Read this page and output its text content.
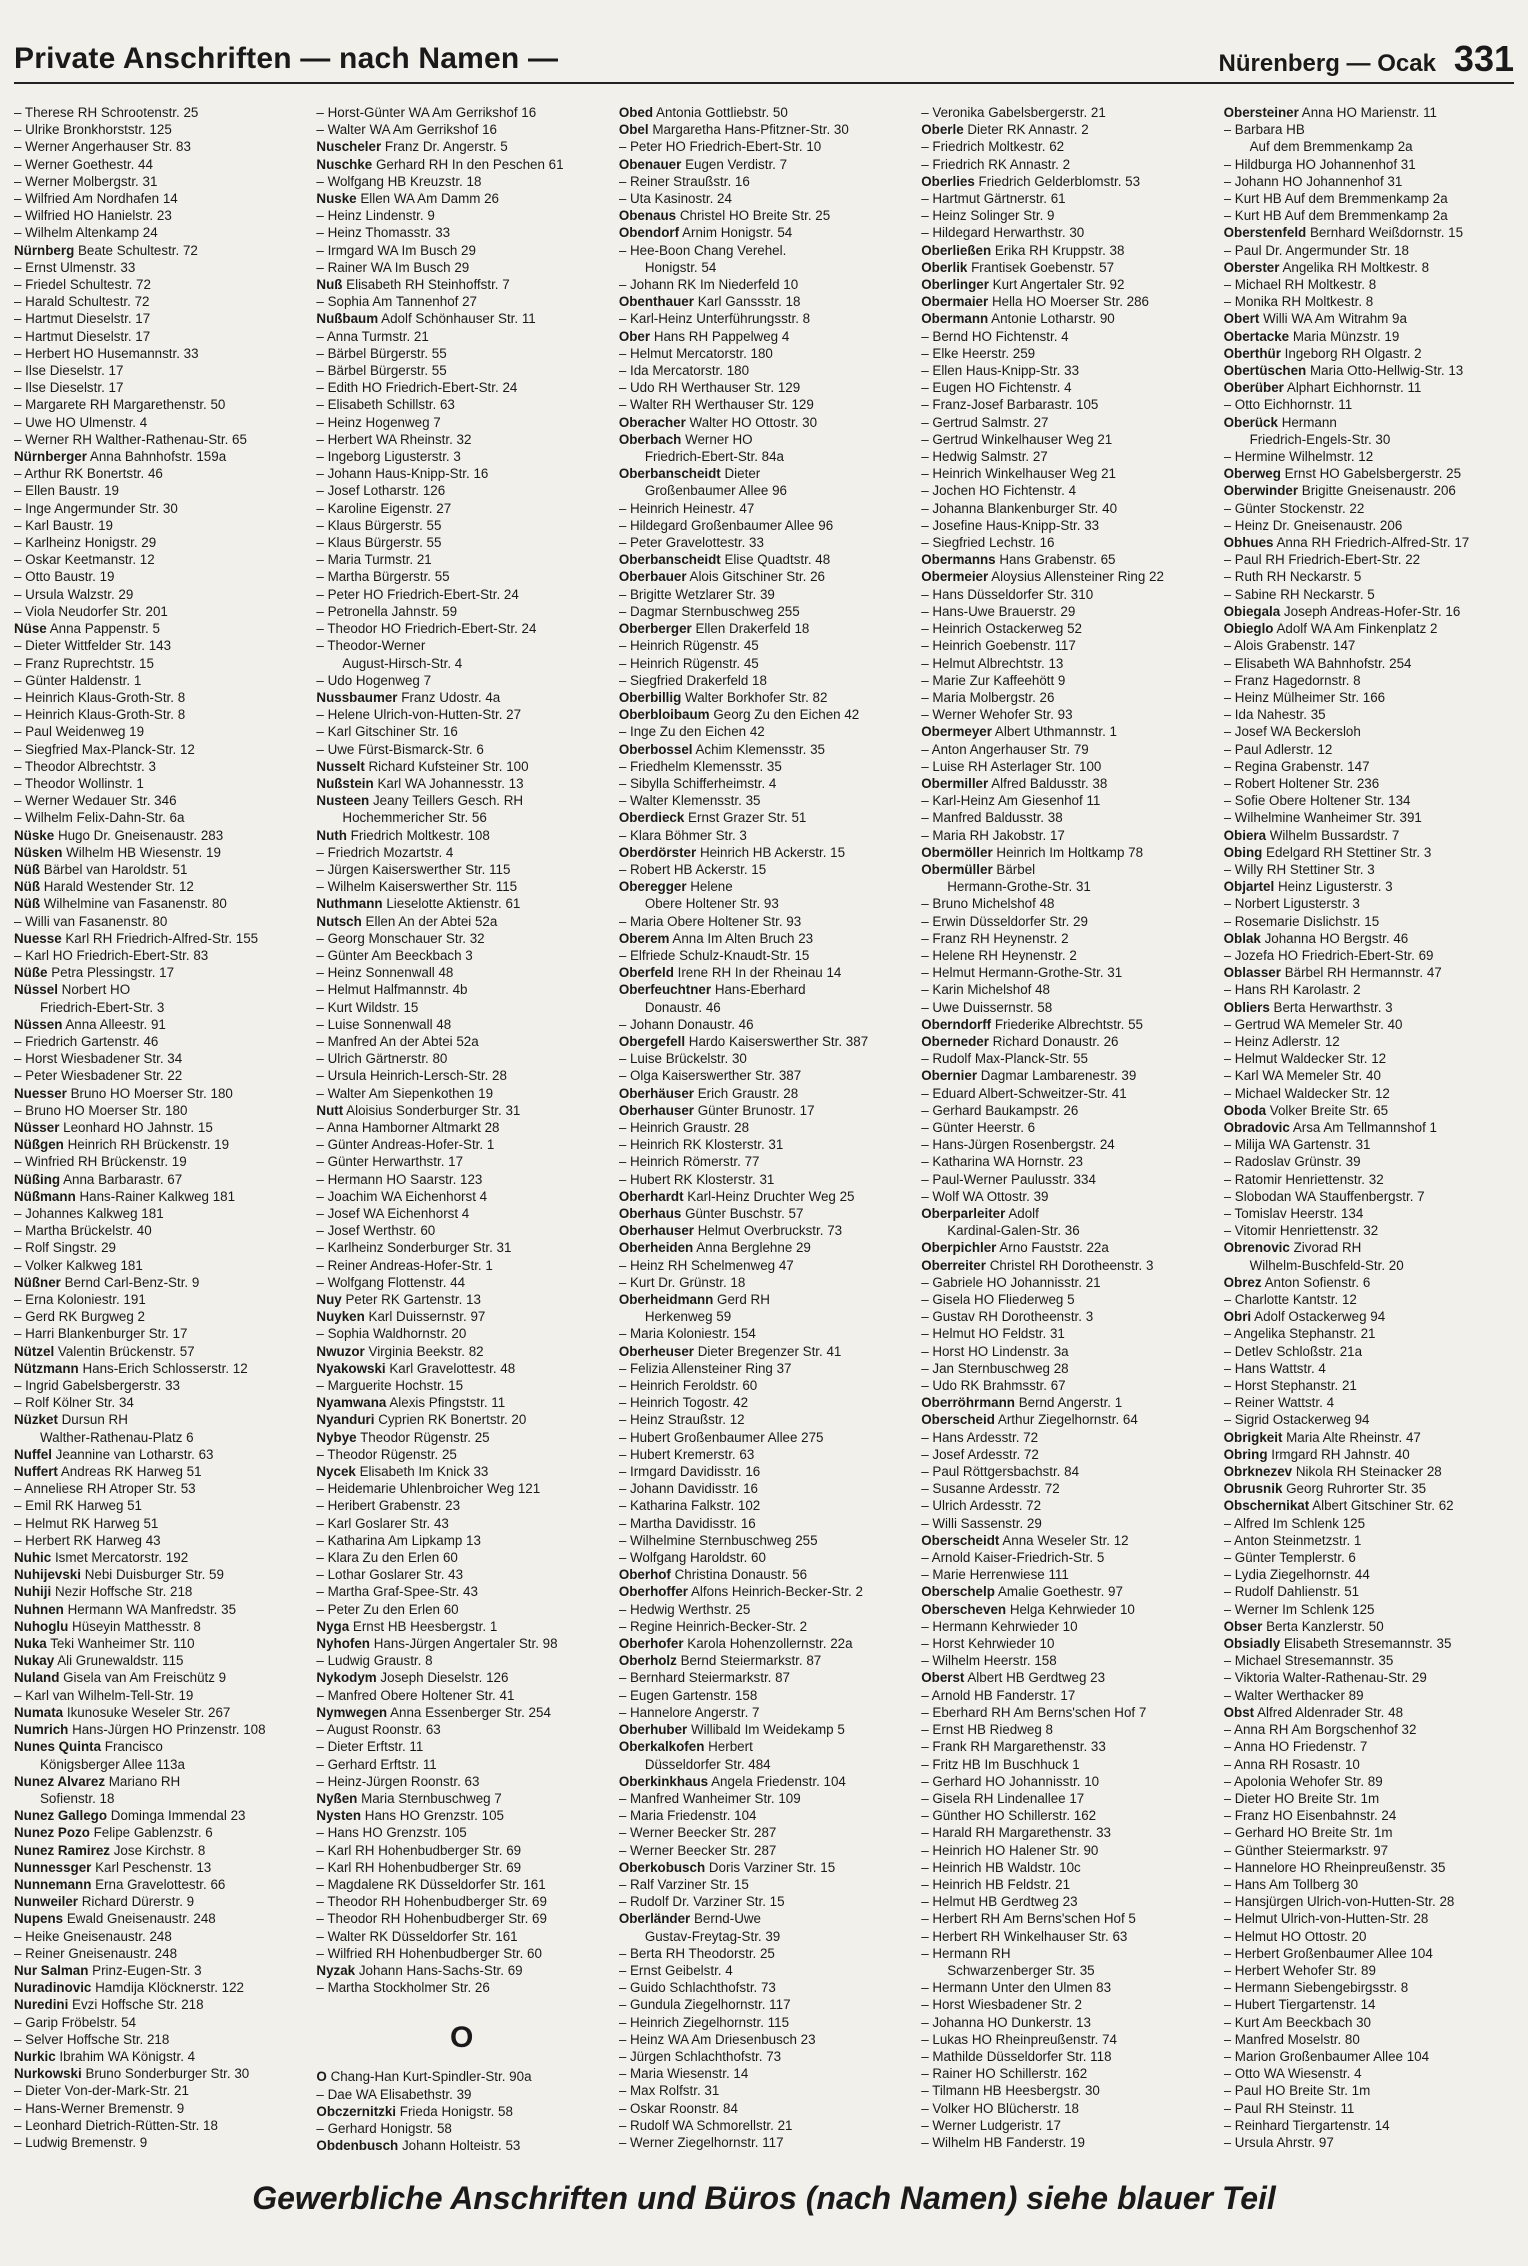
Private Anschriften — nach Namen —	Nürenberg — Ocak 331
– Therese RH Schrootenstr. 25
– Ulrike Bronkhorststr. 125
– Werner Angerhauser Str. 83
– Werner Goethestr. 44
– Werner Molbergstr. 31
– Wilfried Am Nordhafen 14
– Wilfried HO Hanielstr. 23
– Wilhelm Altenkamp 24
Nürnberg Beate Schultestr. 72
– Ernst Ulmenstr. 33
– Friedel Schultestr. 72
– Harald Schultestr. 72
– Hartmut Dieselstr. 17
– Hartmut Dieselstr. 17
– Herbert HO Husemannstr. 33
– Ilse Dieselstr. 17
– Ilse Dieselstr. 17
– Margarete RH Margarethenstr. 50
– Uwe HO Ulmenstr. 4
– Werner RH Walther-Rathenau-Str. 65
Nürnberger Anna Bahnhofstr. 159a
– Arthur RK Bonertstr. 46
– Ellen Baustr. 19
– Inge Angermunder Str. 30
– Karl Baustr. 19
– Karlheinz Honigstr. 29
– Oskar Keetmanstr. 12
– Otto Baustr. 19
– Ursula Walzstr. 29
– Viola Neudorfer Str. 201
Nüse Anna Pappenstr. 5
– Dieter Wittfelder Str. 143
– Franz Ruprechtstr. 15
– Günter Haldenstr. 1
– Heinrich Klaus-Groth-Str. 8
– Heinrich Klaus-Groth-Str. 8
– Paul Weidenweg 19
– Siegfried Max-Planck-Str. 12
– Theodor Albrechtstr. 3
– Theodor Wollinstr. 1
– Werner Wedauer Str. 346
– Wilhelm Felix-Dahn-Str. 6a
Nüske Hugo Dr. Gneisenaustr. 283
Nüsken Wilhelm HB Wiesenstr. 19
Nüß Bärbel van Haroldstr. 51
Nüß Harald Westender Str. 12
Nüß Wilhelmine van Fasanenstr. 80
– Willi van Fasanenstr. 80
Nuesse Karl RH Friedrich-Alfred-Str. 155
– Karl HO Friedrich-Ebert-Str. 83
Nüße Petra Plessingstr. 17
Nüssel Norbert HO
Friedrich-Ebert-Str. 3
Nüssen Anna Alleestr. 91
– Friedrich Gartenstr. 46
– Horst Wiesbadener Str. 34
– Peter Wiesbadener Str. 22
Nuesser Bruno HO Moerser Str. 180
– Bruno HO Moerser Str. 180
Nüsser Leonhard HO Jahnstr. 15
Nüßgen Heinrich RH Brückenstr. 19
– Winfried RH Brückenstr. 19
Nüßing Anna Barbarastr. 67
Nüßmann Hans-Rainer Kalkweg 181
– Johannes Kalkweg 181
– Martha Brückelstr. 40
– Rolf Singstr. 29
– Volker Kalkweg 181
Nüßner Bernd Carl-Benz-Str. 9
– Erna Koloniestr. 191
– Gerd RK Burgweg 2
– Harri Blankenburger Str. 17
Nützel Valentin Brückenstr. 57
Nützmann Hans-Erich Schlosserstr. 12
– Ingrid Gabelsbergerstr. 33
– Rolf Kölner Str. 34
Nüzket Dursun RH
Walther-Rathenau-Platz 6
Nuffel Jeannine van Lotharstr. 63
Nuffert Andreas RK Harweg 51
– Anneliese RH Atroper Str. 53
– Emil RK Harweg 51
– Helmut RK Harweg 51
– Herbert RK Harweg 43
Nuhic Ismet Mercatorstr. 192
Nuhijevski Nebi Duisburger Str. 59
Nuhiji Nezir Hoffsche Str. 218
Nuhnen Hermann WA Manfredstr. 35
Nuhoglu Hüseyin Matthesstr. 8
Nuka Teki Wanheimer Str. 110
Nukay Ali Grunewaldstr. 115
Nuland Gisela van Am Freischütz 9
– Karl van Wilhelm-Tell-Str. 19
Numata Ikunosuke Weseler Str. 267
Numrich Hans-Jürgen HO Prinzenstr. 108
Nunes Quinta Francisco
Königsberger Allee 113a
Nunez Alvarez Mariano RH
Sofienstr. 18
Nunez Gallego Dominga Immendal 23
Nunez Pozo Felipe Gablenzstr. 6
Nunez Ramirez Jose Kirchstr. 8
Nunnessger Karl Peschenstr. 13
Nunnemann Erna Gravelottestr. 66
Nunweiler Richard Dürerstr. 9
Nupens Ewald Gneisenaustr. 248
– Heike Gneisenaustr. 248
– Reiner Gneisenaustr. 248
Nur Salman Prinz-Eugen-Str. 3
Nuradinovic Hamdija Klöcknerstr. 122
Nuredini Evzi Hoffsche Str. 218
– Garip Fröbelstr. 54
– Selver Hoffsche Str. 218
Nurkic Ibrahim WA Königstr. 4
Nurkowski Bruno Sonderburger Str. 30
– Dieter Von-der-Mark-Str. 21
– Hans-Werner Bremenstr. 9
– Leonhard Dietrich-Rütten-Str. 18
– Ludwig Bremenstr. 9
– Horst-Günter WA Am Gerrikshof 16
– Walter WA Am Gerrikshof 16
Nuscheler Franz Dr. Angerstr. 5
Nuschke Gerhard RH In den Peschen 61
– Wolfgang HB Kreuzstr. 18
Nuske Ellen WA Am Damm 26
– Heinz Lindenstr. 9
– Heinz Thomasstr. 33
– Irmgard WA Im Busch 29
– Rainer WA Im Busch 29
Nuß Elisabeth RH Steinhoffstr. 7
– Sophia Am Tannenhof 27
Nußbaum Adolf Schönhauser Str. 11
– Anna Turmstr. 21
– Bärbel Bürgerstr. 55
– Bärbel Bürgerstr. 55
– Edith HO Friedrich-Ebert-Str. 24
– Elisabeth Schillstr. 63
– Heinz Hogenweg 7
– Herbert WA Rheinstr. 32
– Ingeborg Ligusterstr. 3
– Johann Haus-Knipp-Str. 16
– Josef Lotharstr. 126
– Karoline Eigenstr. 27
– Klaus Bürgerstr. 55
– Klaus Bürgerstr. 55
– Maria Turmstr. 21
– Martha Bürgerstr. 55
– Peter HO Friedrich-Ebert-Str. 24
– Petronella Jahnstr. 59
– Theodor HO Friedrich-Ebert-Str. 24
– Theodor-Werner
August-Hirsch-Str. 4
– Udo Hogenweg 7
Nussbaumer Franz Udostr. 4a
– Helene Ulrich-von-Hutten-Str. 27
– Karl Gitschiner Str. 16
– Uwe Fürst-Bismarck-Str. 6
Nusselt Richard Kufsteiner Str. 100
Nußstein Karl WA Johannesstr. 13
Nusteen Jeany Teillers Gesch. RH
Hochemmericher Str. 56
Nuth Friedrich Moltkestr. 108
– Friedrich Mozartstr. 4
– Jürgen Kaiserswerther Str. 115
– Wilhelm Kaiserswerther Str. 115
Nuthmann Lieselotte Aktienstr. 61
Nutsch Ellen An der Abtei 52a
– Georg Monschauer Str. 32
– Günter Am Beeckbach 3
– Heinz Sonnenwall 48
– Helmut Halfmannstr. 4b
– Kurt Wildstr. 15
– Luise Sonnenwall 48
– Manfred An der Abtei 52a
– Ulrich Gärtnerstr. 80
– Ursula Heinrich-Lersch-Str. 28
– Walter Am Siepenkothen 19
Nutt Aloisius Sonderburger Str. 31
– Anna Hamborner Altmarkt 28
– Günter Andreas-Hofer-Str. 1
– Günter Herwarthstr. 17
– Hermann HO Saarstr. 123
– Joachim WA Eichenhorst 4
– Josef WA Eichenhorst 4
– Josef Werthstr. 60
– Karlheinz Sonderburger Str. 31
– Reiner Andreas-Hofer-Str. 1
– Wolfgang Flottenstr. 44
Nuy Peter RK Gartenstr. 13
Nuyken Karl Duissernstr. 97
– Sophia Waldhornstr. 20
Nwuzor Virginia Beekstr. 82
Nyakowski Karl Gravelottestr. 48
– Marguerite Hochstr. 15
Nyamwana Alexis Pfingststr. 11
Nyanduri Cyprien RK Bonertstr. 20
Nybye Theodor Rügenstr. 25
– Theodor Rügenstr. 25
Nycek Elisabeth Im Knick 33
– Heidemarie Uhlenbroicher Weg 121
– Heribert Grabenstr. 23
– Karl Goslarer Str. 43
– Katharina Am Lipkamp 13
– Klara Zu den Erlen 60
– Lothar Goslarer Str. 43
– Martha Graf-Spee-Str. 43
– Peter Zu den Erlen 60
Nyga Ernst HB Heesbergstr. 1
Nyhofen Hans-Jürgen Angertaler Str. 98
– Ludwig Graustr. 8
Nykodym Joseph Dieselstr. 126
– Manfred Obere Holtener Str. 41
Nymwegen Anna Essenberger Str. 254
– August Roonstr. 63
– Dieter Erftstr. 11
– Gerhard Erftstr. 11
– Heinz-Jürgen Roonstr. 63
Nyßen Maria Sternbuschweg 7
Nysten Hans HO Grenzstr. 105
– Hans HO Grenzstr. 105
– Karl RH Hohenbudberger Str. 69
– Karl RH Hohenbudberger Str. 69
– Magdalene RK Düsseldorfer Str. 161
– Theodor RH Hohenbudberger Str. 69
– Theodor RH Hohenbudberger Str. 69
– Walter RK Düsseldorfer Str. 161
– Wilfried RH Hohenbudberger Str. 60
Nyzak Johann Hans-Sachs-Str. 69
– Martha Stockholmer Str. 26
O
O Chang-Han Kurt-Spindler-Str. 90a
– Dae WA Elisabethstr. 39
Obczernitzki Frieda Honigstr. 58
– Gerhard Honigstr. 58
Obdenbusch Johann Holteistr. 53
Obed Antonia Gottliebstr. 50
Obel Margaretha Hans-Pfitzner-Str. 30
– Peter HO Friedrich-Ebert-Str. 10
Obenauer Eugen Verdistr. 7
– Reiner Straußstr. 16
– Uta Kasinostr. 24
Obenaus Christel HO Breite Str. 25
Obendorf Arnim Honigstr. 54
– Hee-Boon Chang Verehel.
Honigstr. 54
– Johann RK Im Niederfeld 10
Obenthauer Karl Ganssstr. 18
– Karl-Heinz Unterführungsstr. 8
Ober Hans RH Pappelweg 4
– Helmut Mercatorstr. 180
– Ida Mercatorstr. 180
– Udo RH Werthauser Str. 129
– Walter RH Werthauser Str. 129
Oberacher Walter HO Ottostr. 30
Oberbach Werner HO
Friedrich-Ebert-Str. 84a
Oberbanscheidt Dieter
Großenbaumer Allee 96
– Heinrich Heinestr. 47
– Hildegard Großenbaumer Allee 96
– Peter Gravelottestr. 33
Oberbanscheidt Elise Quadtstr. 48
Oberbauer Alois Gitschiner Str. 26
– Brigitte Wetzlarer Str. 39
– Dagmar Sternbuschweg 255
Oberberger Ellen Drakerfeld 18
– Heinrich Rügenstr. 45
– Heinrich Rügenstr. 45
– Siegfried Drakerfeld 18
Oberbillig Walter Borkhofer Str. 82
Oberbloibaum Georg Zu den Eichen 42
– Inge Zu den Eichen 42
Oberbossel Achim Klemensstr. 35
– Friedhelm Klemensstr. 35
– Sibylla Schifferheimstr. 4
– Walter Klemensstr. 35
Oberdieck Ernst Grazer Str. 51
– Klara Böhmer Str. 3
Oberdörster Heinrich HB Ackerstr. 15
– Robert HB Ackerstr. 15
Oberegger Helene
Obere Holtener Str. 93
– Maria Obere Holtener Str. 93
Oberem Anna Im Alten Bruch 23
– Elfriede Schulz-Knaudt-Str. 15
Oberfeld Irene RH In der Rheinau 14
Oberfeuchtner Hans-Eberhard
Donaustr. 46
– Johann Donaustr. 46
Obergefell Hardo Kaiserswerther Str. 387
– Luise Brückelstr. 30
– Olga Kaiserswerther Str. 387
Oberhäuser Erich Graustr. 28
Oberhauser Günter Brunostr. 17
– Heinrich Graustr. 28
– Heinrich RK Klosterstr. 31
– Heinrich Römerstr. 77
– Hubert RK Klosterstr. 31
Oberhardt Karl-Heinz Druchter Weg 25
Oberhaus Günter Buschstr. 57
Oberhauser Helmut Overbruckstr. 73
Oberheiden Anna Berglehne 29
– Heinz RH Schelmenweg 47
– Kurt Dr. Grünstr. 18
Oberheidmann Gerd RH
Herkenweg 59
– Maria Koloniestr. 154
Oberheuser Dieter Bregenzer Str. 41
– Felizia Allensteiner Ring 37
– Heinrich Feroldstr. 60
– Heinrich Togostr. 42
– Heinz Straußstr. 12
– Hubert Großenbaumer Allee 275
– Hubert Kremerstr. 63
– Irmgard Davidisstr. 16
– Johann Davidisstr. 16
– Katharina Falkstr. 102
– Martha Davidisstr. 16
– Wilhelmine Sternbuschweg 255
– Wolfgang Haroldstr. 60
Oberhof Christina Donaustr. 56
Oberhoffer Alfons Heinrich-Becker-Str. 2
– Hedwig Werthstr. 25
– Regine Heinrich-Becker-Str. 2
Oberhofer Karola Hohenzollernstr. 22a
Oberholz Bernd Steiermarkstr. 87
– Bernhard Steiermarkstr. 87
– Eugen Gartenstr. 158
– Hannelore Angerstr. 7
Oberhuber Willibald Im Weidekamp 5
Oberkalkofen Herbert
Düsseldorfer Str. 484
Oberkinkhaus Angela Friedenstr. 104
– Manfred Wanheimer Str. 109
– Maria Friedenstr. 104
– Werner Beecker Str. 287
– Werner Beecker Str. 287
Oberkobusch Doris Varziner Str. 15
– Ralf Varziner Str. 15
– Rudolf Dr. Varziner Str. 15
Oberländer Bernd-Uwe
Gustav-Freytag-Str. 39
– Berta RH Theodorstr. 25
– Ernst Geibelstr. 4
– Guido Schlachthofstr. 73
– Gundula Ziegelhornstr. 117
– Heinrich Ziegelhornstr. 115
– Heinz WA Am Driesenbusch 23
– Jürgen Schlachthofstr. 73
– Maria Wiesenstr. 14
– Max Rolfstr. 31
– Oskar Roonstr. 84
– Rudolf WA Schmorellstr. 21
– Werner Ziegelhornstr. 117
– Veronika Gabelsbergerstr. 21
Oberle Dieter RK Annastr. 2
– Friedrich Moltkestr. 62
– Friedrich RK Annastr. 2
Oberlies Friedrich Gelderblomstr. 53
– Hartmut Gärtnerstr. 61
– Heinz Solinger Str. 9
– Hildegard Herwarthstr. 30
Oberließen Erika RH Kruppstr. 38
Oberlik Frantisek Goebenstr. 57
Oberlinger Kurt Angertaler Str. 92
Obermaier Hella HO Moerser Str. 286
Obermann Antonie Lotharstr. 90
– Bernd HO Fichtenstr. 4
– Elke Heerstr. 259
– Ellen Haus-Knipp-Str. 33
– Eugen HO Fichtenstr. 4
– Franz-Josef Barbarastr. 105
– Gertrud Salmstr. 27
– Gertrud Winkelhauser Weg 21
– Hedwig Salmstr. 27
– Heinrich Winkelhauser Weg 21
– Jochen HO Fichtenstr. 4
– Johanna Blankenburger Str. 40
– Josefine Haus-Knipp-Str. 33
– Siegfried Lechstr. 16
Obermanns Hans Grabenstr. 65
Obermeier Aloysius Allensteiner Ring 22
– Hans Düsseldorfer Str. 310
– Hans-Uwe Brauerstr. 29
– Heinrich Ostackerweg 52
– Heinrich Goebenstr. 117
– Helmut Albrechtstr. 13
– Marie Zur Kaffeehött 9
– Maria Molbergstr. 26
– Werner Wehofer Str. 93
Obermeyer Albert Uthmannstr. 1
– Anton Angerhauser Str. 79
– Luise RH Asterlager Str. 100
Obermiller Alfred Baldusstr. 38
– Karl-Heinz Am Giesenhof 11
– Manfred Baldusstr. 38
– Maria RH Jakobstr. 17
Obermöller Heinrich Im Holtkamp 78
Obermüller Bärbel
Hermann-Grothe-Str. 31
– Bruno Michelshof 48
– Erwin Düsseldorfer Str. 29
– Franz RH Heynenstr. 2
– Helene RH Heynenstr. 2
– Helmut Hermann-Grothe-Str. 31
– Karin Michelshof 48
– Uwe Duissernstr. 58
Oberndorff Friederike Albrechtstr. 55
Oberneder Richard Donaustr. 26
– Rudolf Max-Planck-Str. 55
Obernier Dagmar Lambarenestr. 39
– Eduard Albert-Schweitzer-Str. 41
– Gerhard Baukampstr. 26
– Günter Heerstr. 6
– Hans-Jürgen Rosenbergstr. 24
– Katharina WA Hornstr. 23
– Paul-Werner Paulusstr. 334
– Wolf WA Ottostr. 39
Oberparleiter Adolf
Kardinal-Galen-Str. 36
Oberpichler Arno Fauststr. 22a
Oberreiter Christel RH Dorotheenstr. 3
– Gabriele HO Johannisstr. 21
– Gisela HO Fliederweg 5
– Gustav RH Dorotheenstr. 3
– Helmut HO Feldstr. 31
– Horst HO Lindenstr. 3a
– Jan Sternbuschweg 28
– Udo RK Brahmsstr. 67
Oberröhrmann Bernd Angerstr. 1
Oberscheid Arthur Ziegelhornstr. 64
– Hans Ardesstr. 72
– Josef Ardesstr. 72
– Paul Röttgersbachstr. 84
– Susanne Ardesstr. 72
– Ulrich Ardesstr. 72
– Willi Sassenstr. 29
Oberscheidt Anna Weseler Str. 12
– Arnold Kaiser-Friedrich-Str. 5
– Marie Herrenwiese 111
Oberschelp Amalie Goethestr. 97
Oberscheven Helga Kehrwieder 10
– Hermann Kehrwieder 10
– Horst Kehrwieder 10
– Wilhelm Heerstr. 158
Oberst Albert HB Gerdtweg 23
– Arnold HB Fanderstr. 17
– Eberhard RH Am Berns'schen Hof 7
– Ernst HB Riedweg 8
– Frank RH Margarethenstr. 33
– Fritz HB Im Buschhuck 1
– Gerhard HO Johannisstr. 10
– Gisela RH Lindenallee 17
– Günther HO Schillerstr. 162
– Harald RH Margarethenstr. 33
– Heinrich HO Halener Str. 90
– Heinrich HB Waldstr. 10c
– Heinrich HB Feldstr. 21
– Helmut HB Gerdtweg 23
– Herbert RH Am Berns'schen Hof 5
– Herbert RH Winkelhauser Str. 63
– Hermann RH
Schwarzenberger Str. 35
– Hermann Unter den Ulmen 83
– Horst Wiesbadener Str. 2
– Johanna HO Dunkerstr. 13
– Lukas HO Rheinpreußenstr. 74
– Mathilde Düsseldorfer Str. 118
– Rainer HO Schillerstr. 162
– Tilmann HB Heesbergstr. 30
– Volker HO Blücherstr. 18
– Werner Ludgeristr. 17
– Wilhelm HB Fanderstr. 19
Obersteiner Anna HO Marienstr. 11
– Barbara HB
Auf dem Bremmenkamp 2a
– Hildburga HO Johannenhof 31
– Johann HO Johannenhof 31
– Kurt HB Auf dem Bremmenkamp 2a
– Kurt HB Auf dem Bremmenkamp 2a
Oberstenfeld Bernhard Weißdornstr. 15
– Paul Dr. Angermunder Str. 18
Oberster Angelika RH Moltkestr. 8
– Michael RH Moltkestr. 8
– Monika RH Moltkestr. 8
Obert Willi WA Am Witrahm 9a
Obertacke Maria Münzstr. 19
Oberthür Ingeborg RH Olgastr. 2
Obertüschen Maria Otto-Hellwig-Str. 13
Oberüber Alphart Eichhornstr. 11
– Otto Eichhornstr. 11
Oberück Hermann
Friedrich-Engels-Str. 30
– Hermine Wilhelmstr. 12
Oberweg Ernst HO Gabelsbergerstr. 25
Oberwinder Brigitte Gneisenaustr. 206
– Günter Stockenstr. 22
– Heinz Dr. Gneisenaustr. 206
Obhues Anna RH Friedrich-Alfred-Str. 17
– Paul RH Friedrich-Ebert-Str. 22
– Ruth RH Neckarstr. 5
– Sabine RH Neckarstr. 5
Obiegala Joseph Andreas-Hofer-Str. 16
Obieglo Adolf WA Am Finkenplatz 2
– Alois Grabenstr. 147
– Elisabeth WA Bahnhofstr. 254
– Franz Hagedornstr. 8
– Heinz Mülheimer Str. 166
– Ida Nahestr. 35
– Josef WA Beckersloh
– Paul Adlerstr. 12
– Regina Grabenstr. 147
– Robert Holtener Str. 236
– Sofie Obere Holtener Str. 134
– Wilhelmine Wanheimer Str. 391
Obiera Wilhelm Bussardstr. 7
Obing Edelgard RH Stettiner Str. 3
– Willy RH Stettiner Str. 3
Objartel Heinz Ligusterstr. 3
– Norbert Ligusterstr. 3
– Rosemarie Dislichstr. 15
Oblak Johanna HO Bergstr. 46
– Jozefa HO Friedrich-Ebert-Str. 69
Oblasser Bärbel RH Hermannstr. 47
– Hans RH Karolastr. 2
Obliers Berta Herwarthstr. 3
– Gertrud WA Memeler Str. 40
– Heinz Adlerstr. 12
– Helmut Waldecker Str. 12
– Karl WA Memeler Str. 40
– Michael Waldecker Str. 12
Oboda Volker Breite Str. 65
Obradovic Arsa Am Tellmannshof 1
– Milija WA Gartenstr. 31
– Radoslav Grünstr. 39
– Ratomir Henriettenstr. 32
– Slobodan WA Stauffenbergstr. 7
– Tomislav Heerstr. 134
– Vitomir Henriettenstr. 32
Obrenovic Zivorad RH
Wilhelm-Buschfeld-Str. 20
Obrez Anton Sofienstr. 6
– Charlotte Kantstr. 12
Obri Adolf Ostackerweg 94
– Angelika Stephanstr. 21
– Detlev Schloßstr. 21a
– Hans Wattstr. 4
– Horst Stephanstr. 21
– Reiner Wattstr. 4
– Sigrid Ostackerweg 94
Obrigkeit Maria Alte Rheinstr. 47
Obring Irmgard RH Jahnstr. 40
Obrknezev Nikola RH Steinacker 28
Obrusnik Georg Ruhrorter Str. 35
Obschernikat Albert Gitschiner Str. 62
– Alfred Im Schlenk 125
– Anton Steinmetzstr. 1
– Günter Templerstr. 6
– Lydia Ziegelhornstr. 44
– Rudolf Dahlienstr. 51
– Werner Im Schlenk 125
Obser Berta Kanzlerstr. 50
Obsiadly Elisabeth Stresemannstr. 35
– Michael Stresemannstr. 35
– Viktoria Walter-Rathenau-Str. 29
– Walter Werthacker 89
Obst Alfred Aldenrader Str. 48
– Anna RH Am Borgschenhof 32
– Anna HO Friedenstr. 7
– Anna RH Rosastr. 10
– Apolonia Wehofer Str. 89
– Dieter HO Breite Str. 1m
– Franz HO Eisenbahnstr. 24
– Gerhard HO Breite Str. 1m
– Günther Steiermarkstr. 97
– Hannelore HO Rheinpreußenstr. 35
– Hans Am Tollberg 30
– Hansjürgen Ulrich-von-Hutten-Str. 28
– Helmut Ulrich-von-Hutten-Str. 28
– Helmut HO Ottostr. 20
– Herbert Großenbaumer Allee 104
– Herbert Wehofer Str. 89
– Hermann Siebengebirgsstr. 8
– Hubert Tiergartenstr. 14
– Kurt Am Beeckbach 30
– Manfred Moselstr. 80
– Marion Großenbaumer Allee 104
– Otto WA Wiesenstr. 4
– Paul HO Breite Str. 1m
– Paul RH Steinstr. 11
– Reinhard Tiergartenstr. 14
– Ursula Ahrstr. 97
Gewerbliche Anschriften und Büros (nach Namen) siehe blauer Teil
